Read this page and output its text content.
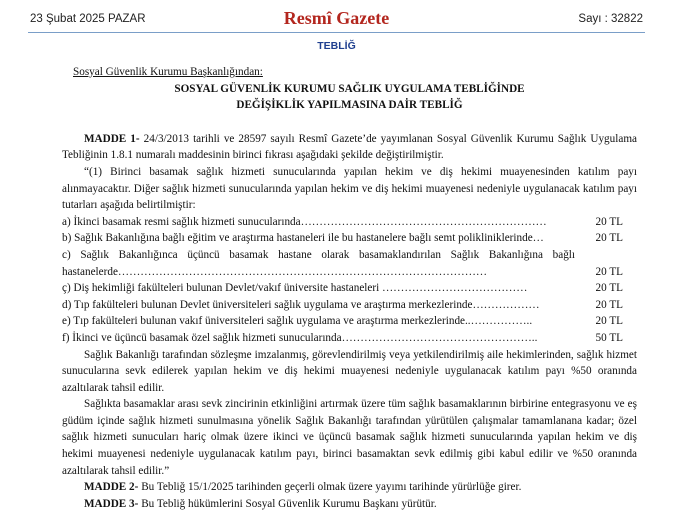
23 Şubat 2025 PAZAR	Resmî Gazete	Sayı : 32822
TEBLİĞ

Sosyal Güvenlik Kurumu Başkanlığından:

SOSYAL GÜVENLİK KURUMU SAĞLIK UYGULAMA TEBLİĞİNDE

DEĞİŞİKLİK YAPILMASINA DAİR TEBLİĞ

MADDE 1- 24/3/2013 tarihli ve 28597 sayılı Resmî Gazete’de yayımlanan Sosyal Güvenlik Kurumu Sağlık Uygulama Tebliğinin 1.8.1 numaralı maddesinin birinci fıkrası aşağıdaki şekilde değiştirilmiştir.

“(1) Birinci basamak sağlık hizmeti sunucularında yapılan hekim ve diş hekimi muayenesinden katılım payı alınmayacaktır. Diğer sağlık hizmeti sunucularında yapılan hekim ve diş hekimi muayenesi nedeniyle uygulanacak katılım payı tutarları aşağıda belirtilmiştir:

a) İkinci basamak resmi sağlık hizmeti sunucularında…………………………………………………………	20 TL
b) Sağlık Bakanlığına bağlı eğitim ve araştırma hastaneleri ile bu hastanelere bağlı semt polikliniklerinde…	20 TL
c) Sağlık Bakanlığınca üçüncü basamak hastane olarak basamaklandırılan Sağlık Bakanlığına bağlı
hastanelerde………………………………………………………………………………………	20 TL
ç) Diş hekimliği fakülteleri bulunan Devlet/vakıf üniversite hastaneleri …………………………………	20 TL
d) Tıp fakülteleri bulunan Devlet üniversiteleri sağlık uygulama ve araştırma merkezlerinde………………	20 TL
e) Tıp fakülteleri bulunan vakıf üniversiteleri sağlık uygulama ve araştırma merkezlerinde..……………..	20 TL
f) İkinci ve üçüncü basamak özel sağlık hizmeti sunucularında……………………………………………..	50 TL

Sağlık Bakanlığı tarafından sözleşme imzalanmış, görevlendirilmiş veya yetkilendirilmiş aile hekimlerinden, sağlık hizmet sunucularına sevk edilerek yapılan hekim ve diş hekimi muayenesi nedeniyle uygulanacak katılım payı %50 oranında azaltılarak tahsil edilir.

Sağlıkta basamaklar arası sevk zincirinin etkinliğini artırmak üzere tüm sağlık basamaklarının birbirine entegrasyonu ve eş güdüm içinde sağlık hizmeti sunulmasına yönelik Sağlık Bakanlığı tarafından yürütülen çalışmalar tamamlanana kadar; özel sağlık hizmeti sunucuları hariç olmak üzere ikinci ve üçüncü basamak sağlık hizmeti sunucularında yapılan hekim ve diş hekimi muayenesi nedeniyle uygulanacak katılım payı, birinci basamaktan sevk edilmiş gibi kabul edilir ve %50 oranında azaltılarak tahsil edilir.”

MADDE 2- Bu Tebliğ 15/1/2025 tarihinden geçerli olmak üzere yayımı tarihinde yürürlüğe girer.

MADDE 3- Bu Tebliğ hükümlerini Sosyal Güvenlik Kurumu Başkanı yürütür.
